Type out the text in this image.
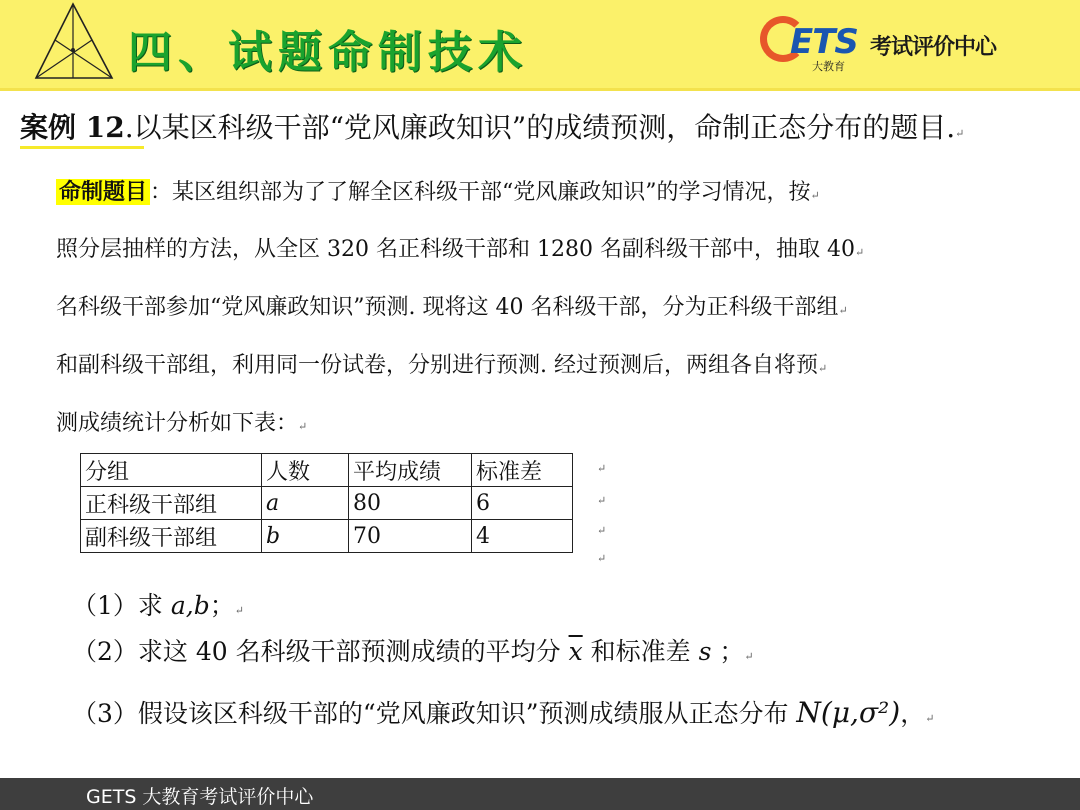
四、试题命制技术	ETS
大教育
考试评价中心
案例 12.以某区科级干部“党风廉政知识”的成绩预测，命制正态分布的题目.↵
命制题目 ：某区组织部为了了解全区科级干部“党风廉政知识”的学习情况，按↵
照分层抽样的方法，从全区 320 名正科级干部和 1280 名副科级干部中，抽取 40↵
名科级干部参加“党风廉政知识”预测. 现将这 40 名科级干部，分为正科级干部组↵
和副科级干部组，利用同一份试卷，分别进行预测. 经过预测后，两组各自将预↵
测成绩统计分析如下表：↵
分组	人数	平均成绩	标准差
正科级干部组	a	80	6
副科级干部组	b	70	4
↵
↵
↵
↵
（1）求 a,b；↵
（2）求这 40 名科级干部预测成绩的平均分 $\overline{x}$ 和标准差 s ；↵
（3）假设该区科级干部的“党风廉政知识”预测成绩服从正态分布 N(μ,σ²)，↵
GETS 大教育考试评价中心
